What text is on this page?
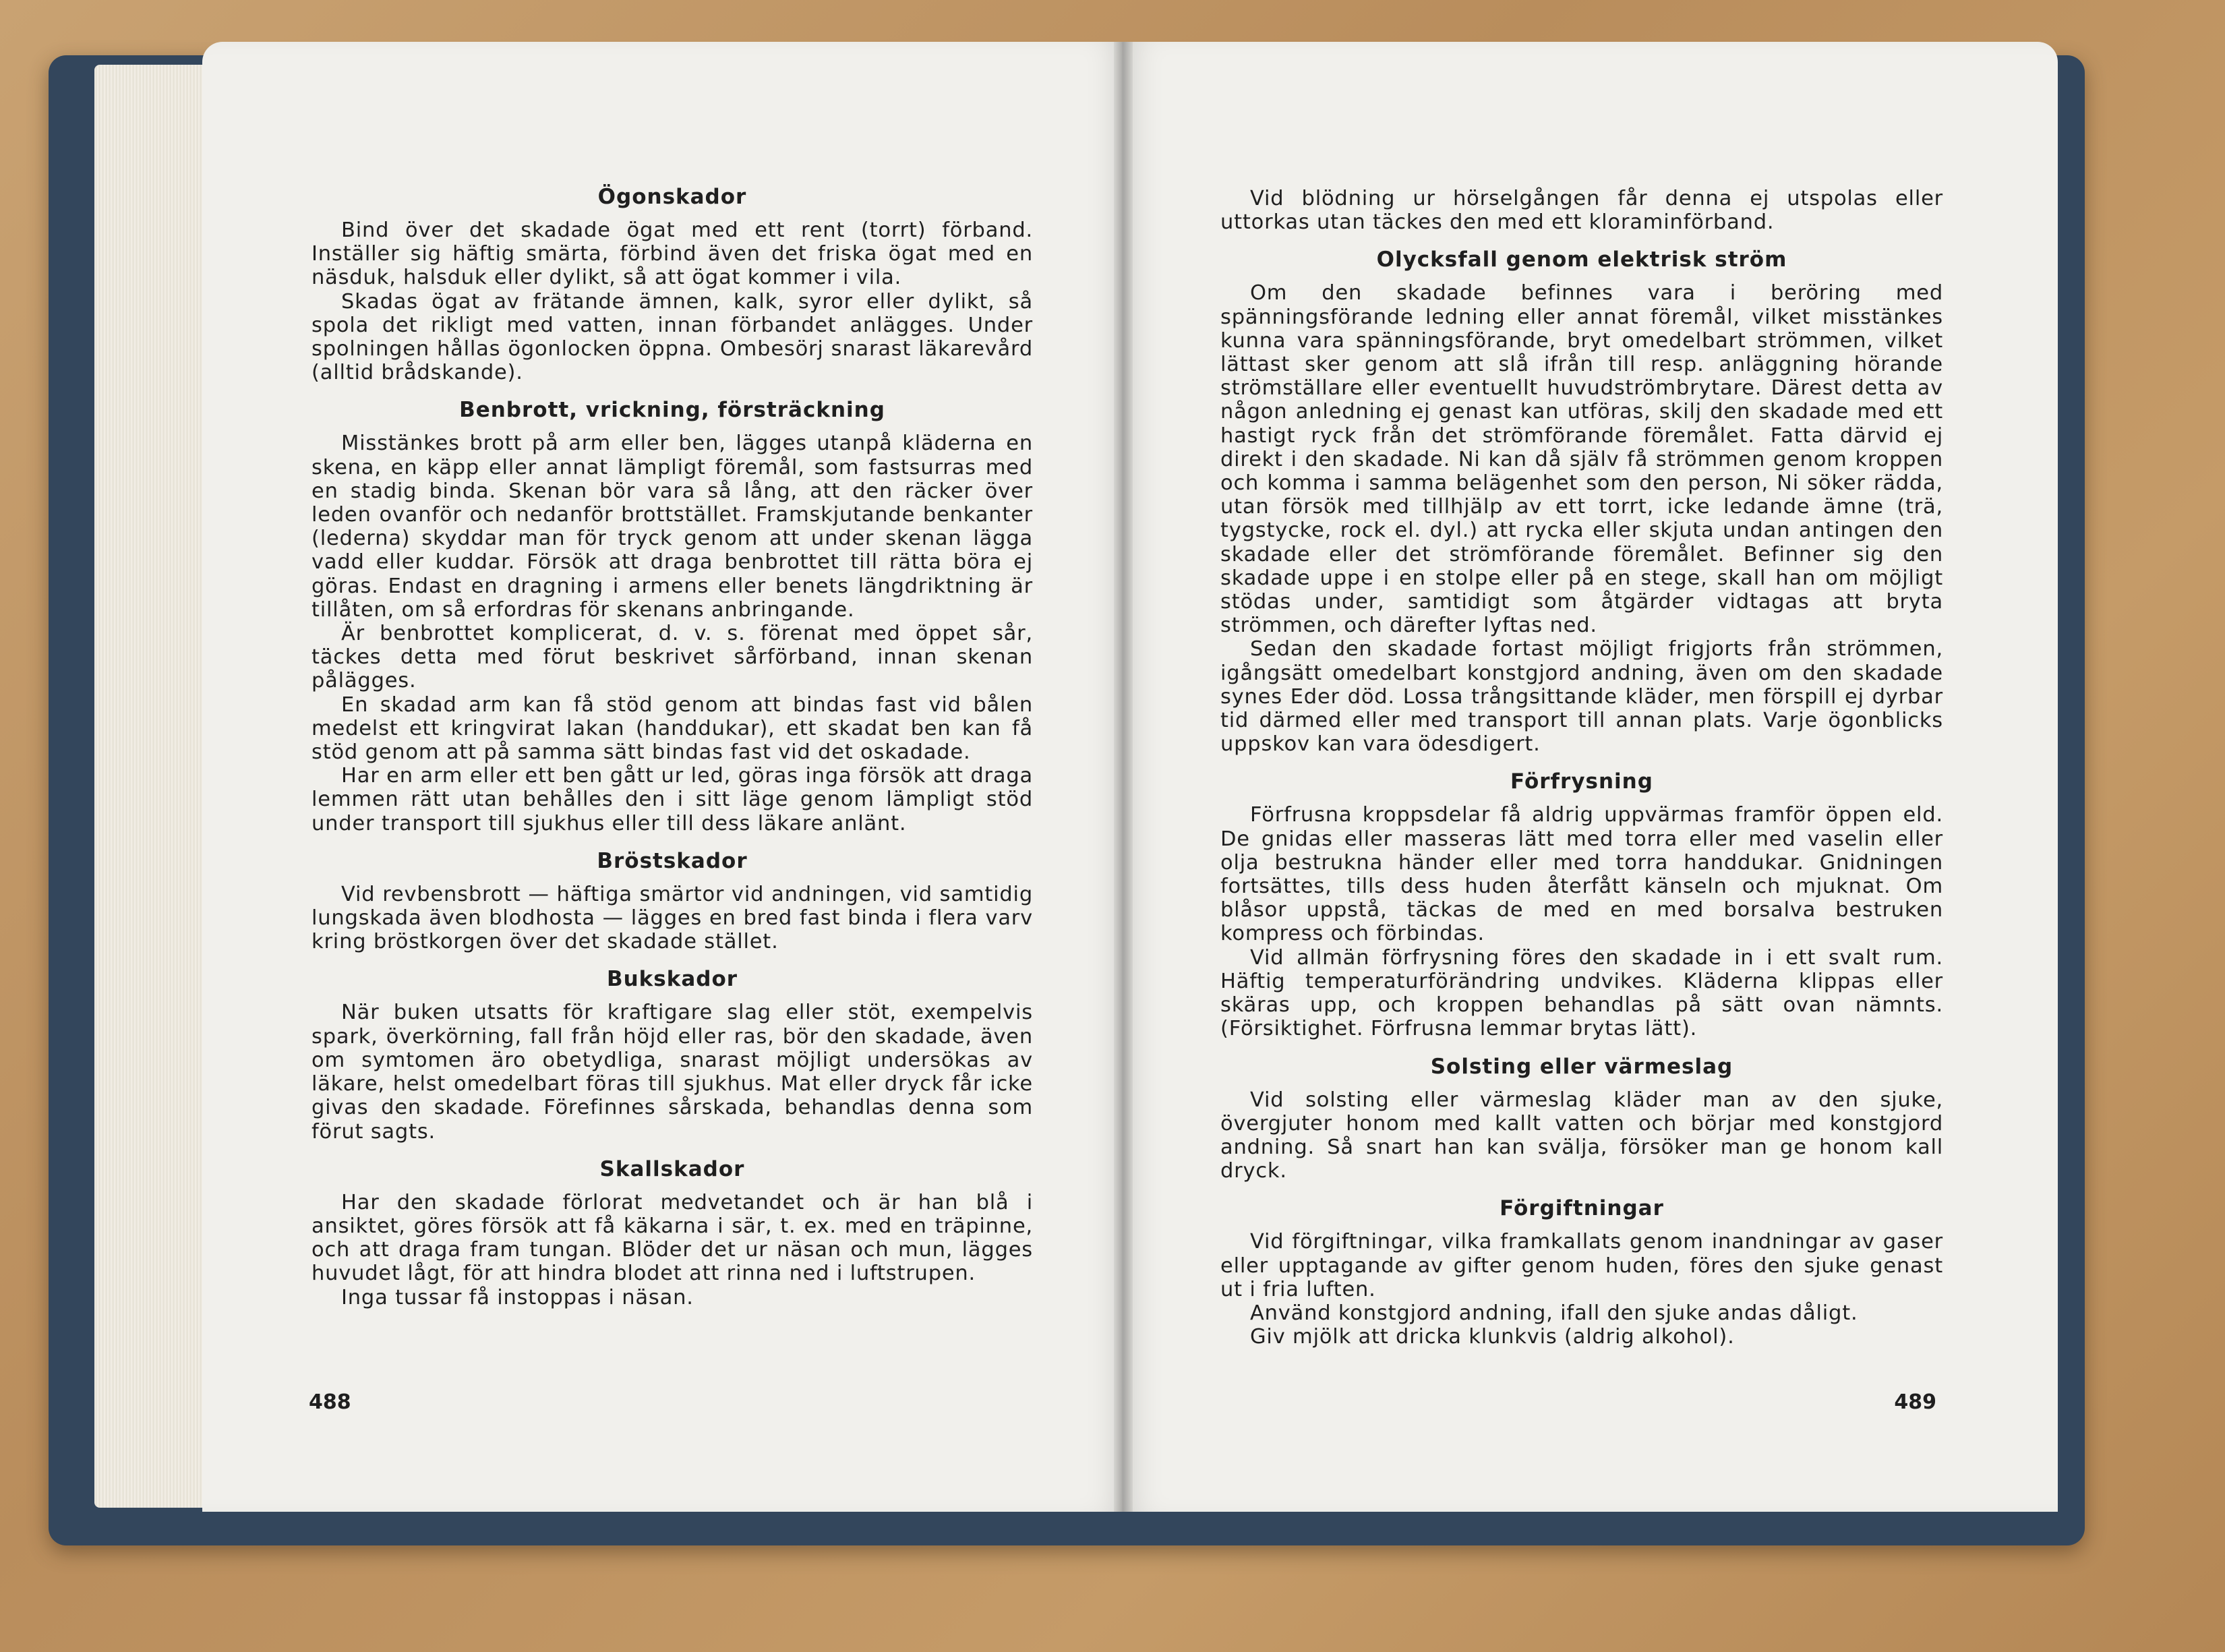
Ögonskador

Bind över det skadade ögat med ett rent (torrt) förband. Inställer sig häftig smärta, förbind även det friska ögat med en näsduk, halsduk eller dylikt, så att ögat kommer i vila.

Skadas ögat av frätande ämnen, kalk, syror eller dylikt, så spola det rikligt med vatten, innan förbandet anlägges. Under spolningen hållas ögonlocken öppna. Ombesörj snarast läkarevård (alltid brådskande).

Benbrott, vrickning, försträckning

Misstänkes brott på arm eller ben, lägges utanpå kläderna en skena, en käpp eller annat lämpligt föremål, som fastsurras med en stadig binda. Skenan bör vara så lång, att den räcker över leden ovanför och nedanför brottstället. Framskjutande benkanter (lederna) skyddar man för tryck genom att under skenan lägga vadd eller kuddar. Försök att draga benbrottet till rätta böra ej göras. Endast en dragning i armens eller benets längdriktning är tillåten, om så erfordras för skenans anbringande.

Är benbrottet komplicerat, d. v. s. förenat med öppet sår, täckes detta med förut beskrivet sårförband, innan skenan pålägges.

En skadad arm kan få stöd genom att bindas fast vid bålen medelst ett kringvirat lakan (handdukar), ett skadat ben kan få stöd genom att på samma sätt bindas fast vid det oskadade.

Har en arm eller ett ben gått ur led, göras inga försök att draga lemmen rätt utan behålles den i sitt läge genom lämpligt stöd under transport till sjukhus eller till dess läkare anlänt.

Bröstskador

Vid revbensbrott — häftiga smärtor vid andningen, vid samtidig lungskada även blodhosta — lägges en bred fast binda i flera varv kring bröstkorgen över det skadade stället.

Bukskador

När buken utsatts för kraftigare slag eller stöt, exempelvis spark, överkörning, fall från höjd eller ras, bör den skadade, även om symtomen äro obetydliga, snarast möjligt undersökas av läkare, helst omedelbart föras till sjukhus. Mat eller dryck får icke givas den skadade. Förefinnes sårskada, behandlas denna som förut sagts.

Skallskador

Har den skadade förlorat medvetandet och är han blå i ansiktet, göres försök att få käkarna i sär, t. ex. med en träpinne, och att draga fram tungan. Blöder det ur näsan och mun, lägges huvudet lågt, för att hindra blodet att rinna ned i luftstrupen.

Inga tussar få instoppas i näsan.

488

Vid blödning ur hörselgången får denna ej utspolas eller uttorkas utan täckes den med ett kloraminförband.

Olycksfall genom elektrisk ström

Om den skadade befinnes vara i beröring med spänningsförande ledning eller annat föremål, vilket misstänkes kunna vara spänningsförande, bryt omedelbart strömmen, vilket lättast sker genom att slå ifrån till resp. anläggning hörande strömställare eller eventuellt huvudströmbrytare. Därest detta av någon anledning ej genast kan utföras, skilj den skadade med ett hastigt ryck från det strömförande föremålet. Fatta därvid ej direkt i den skadade. Ni kan då själv få strömmen genom kroppen och komma i samma belägenhet som den person, Ni söker rädda, utan försök med tillhjälp av ett torrt, icke ledande ämne (trä, tygstycke, rock el. dyl.) att rycka eller skjuta undan antingen den skadade eller det strömförande föremålet. Befinner sig den skadade uppe i en stolpe eller på en stege, skall han om möjligt stödas under, samtidigt som åtgärder vidtagas att bryta strömmen, och därefter lyftas ned.

Sedan den skadade fortast möjligt frigjorts från strömmen, igångsätt omedelbart konstgjord andning, även om den skadade synes Eder död. Lossa trångsittande kläder, men förspill ej dyrbar tid därmed eller med transport till annan plats. Varje ögonblicks uppskov kan vara ödesdigert.

Förfrysning

Förfrusna kroppsdelar få aldrig uppvärmas framför öppen eld. De gnidas eller masseras lätt med torra eller med vaselin eller olja bestrukna händer eller med torra handdukar. Gnidningen fortsättes, tills dess huden återfått känseln och mjuknat. Om blåsor uppstå, täckas de med en med borsalva bestruken kompress och förbindas.

Vid allmän förfrysning föres den skadade in i ett svalt rum. Häftig temperaturförändring undvikes. Kläderna klippas eller skäras upp, och kroppen behandlas på sätt ovan nämnts. (Försiktighet. Förfrusna lemmar brytas lätt).

Solsting eller värmeslag

Vid solsting eller värmeslag kläder man av den sjuke, övergjuter honom med kallt vatten och börjar med konstgjord andning. Så snart han kan svälja, försöker man ge honom kall dryck.

Förgiftningar

Vid förgiftningar, vilka framkallats genom inandningar av gaser eller upptagande av gifter genom huden, föres den sjuke genast ut i fria luften.

Använd konstgjord andning, ifall den sjuke andas dåligt.

Giv mjölk att dricka klunkvis (aldrig alkohol).

489
